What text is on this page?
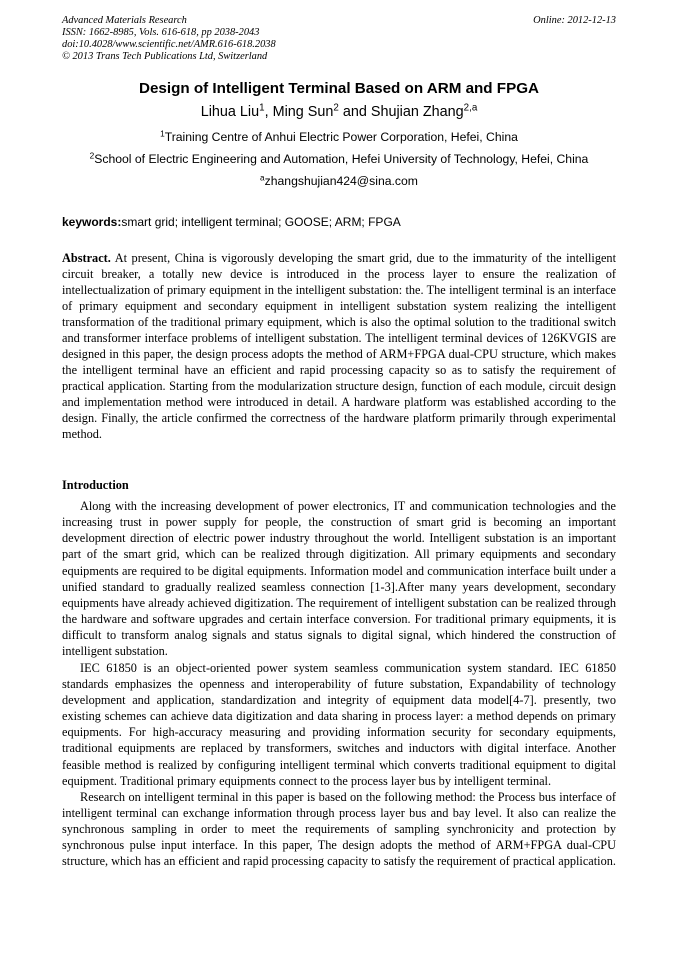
Advanced Materials Research	Online: 2012-12-13
ISSN: 1662-8985, Vols. 616-618, pp 2038-2043
doi:10.4028/www.scientific.net/AMR.616-618.2038
© 2013 Trans Tech Publications Ltd, Switzerland
Design of Intelligent Terminal Based on ARM and FPGA
Lihua Liu$^1$, Ming Sun$^2$ and Shujian Zhang$^{2,a}$
$^1$Training Centre of Anhui Electric Power Corporation, Hefei, China
$^2$School of Electric Engineering and Automation, Hefei University of Technology, Hefei, China
$^a$zhangshujian424@sina.com
keywords:smart grid; intelligent terminal; GOOSE; ARM; FPGA

Abstract. At present, China is vigorously developing the smart grid, due to the immaturity of the intelligent circuit breaker, a totally new device is introduced in the process layer to ensure the realization of intellectualization of primary equipment in the intelligent substation: the. The intelligent terminal is an interface of primary equipment and secondary equipment in intelligent substation system realizing the intelligent transformation of the traditional primary equipment, which is also the optimal solution to the traditional switch and transformer interface problems of intelligent substation. The intelligent terminal devices of 126KVGIS are designed in this paper, the design process adopts the method of ARM+FPGA dual-CPU structure, which makes the intelligent terminal have an efficient and rapid processing capacity so as to satisfy the requirement of practical application. Starting from the modularization structure design, function of each module, circuit design and implementation method were introduced in detail. A hardware platform was established according to the design. Finally, the article confirmed the correctness of the hardware platform primarily through experimental method.

Introduction

Along with the increasing development of power electronics, IT and communication technologies and the increasing trust in power supply for people, the construction of smart grid is becoming an important development direction of electric power industry throughout the world. Intelligent substation is an important part of the smart grid, which can be realized through digitization. All primary equipments and secondary equipments are required to be digital equipments. Information model and communication interface built under a unified standard to gradually realized seamless connection [1-3].After many years development, secondary equipments have already achieved digitization. The requirement of intelligent substation can be realized through the hardware and software upgrades and certain interface conversion. For traditional primary equipments, it is difficult to transform analog signals and status signals to digital signal, which hindered the construction of intelligent substation.

IEC 61850 is an object-oriented power system seamless communication system standard. IEC 61850 standards emphasizes the openness and interoperability of future substation, Expandability of technology development and application, standardization and integrity of equipment data model[4-7]. presently, two existing schemes can achieve data digitization and data sharing in process layer: a method depends on primary equipments. For high-accuracy measuring and providing information security for secondary equipments, traditional equipments are replaced by transformers, switches and inductors with digital interface. Another feasible method is realized by configuring intelligent terminal which converts traditional equipment to digital equipment. Traditional primary equipments connect to the process layer bus by intelligent terminal.

Research on intelligent terminal in this paper is based on the following method: the Process bus interface of intelligent terminal can exchange information through process layer bus and bay level. It also can realize the synchronous sampling in order to meet the requirements of sampling synchronicity and protection by synchronous pulse input interface. In this paper, The design adopts the method of ARM+FPGA dual-CPU structure, which has an efficient and rapid processing capacity to satisfy the requirement of practical application.
